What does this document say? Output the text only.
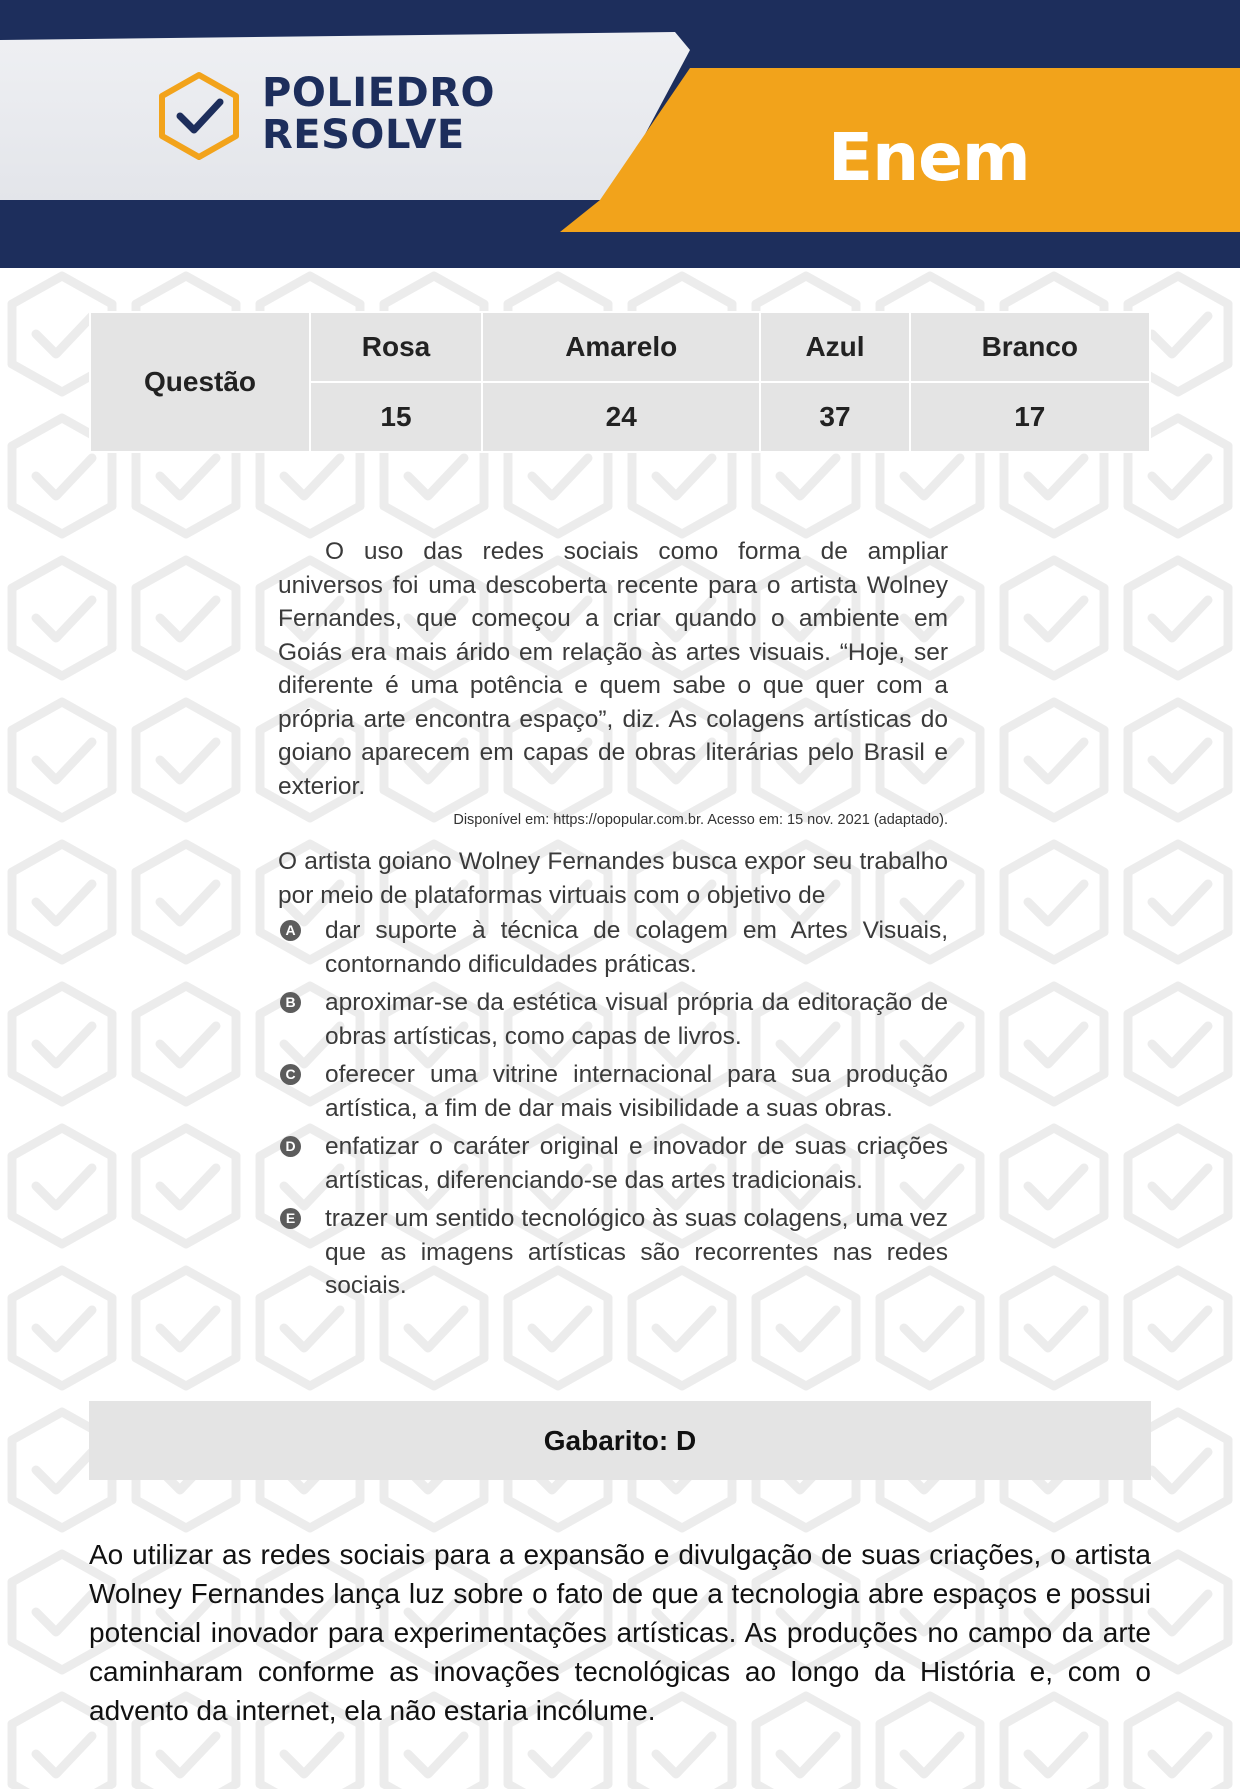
POLIEDRO
RESOLVE	Enem
Questão	Rosa	Amarelo	Azul	Branco
	15	24	37	17

O uso das redes sociais como forma de ampliar universos foi uma descoberta recente para o artista Wolney Fernandes, que começou a criar quando o ambiente em Goiás era mais árido em relação às artes visuais. “Hoje, ser diferente é uma potência e quem sabe o que quer com a própria arte encontra espaço”, diz. As colagens artísticas do goiano aparecem em capas de obras literárias pelo Brasil e exterior.

Disponível em: https://opopular.com.br. Acesso em: 15 nov. 2021 (adaptado).

O artista goiano Wolney Fernandes busca expor seu trabalho por meio de plataformas virtuais com o objetivo de

A dar suporte à técnica de colagem em Artes Visuais, contornando dificuldades práticas.
B aproximar-se da estética visual própria da editoração de obras artísticas, como capas de livros.
C oferecer uma vitrine internacional para sua produção artística, a fim de dar mais visibilidade a suas obras.
D enfatizar o caráter original e inovador de suas criações artísticas, diferenciando-se das artes tradicionais.
E trazer um sentido tecnológico às suas colagens, uma vez que as imagens artísticas são recorrentes nas redes sociais.
Gabarito: D

Ao utilizar as redes sociais para a expansão e divulgação de suas criações, o artista Wolney Fernandes lança luz sobre o fato de que a tecnologia abre espaços e possui potencial inovador para experimentações artísticas. As produções no campo da arte caminharam conforme as inovações tecnológicas ao longo da História e, com o advento da internet, ela não estaria incólume.
